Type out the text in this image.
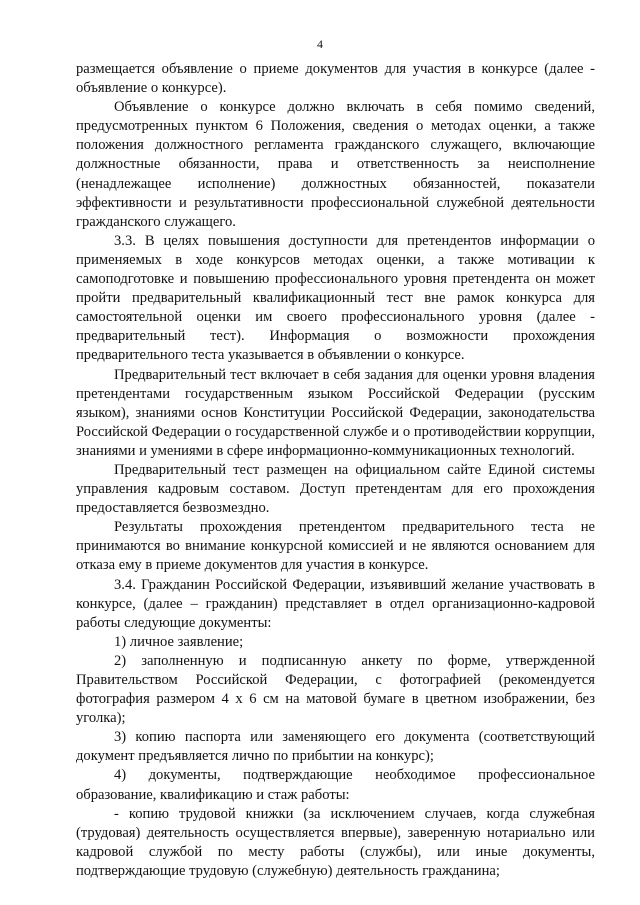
4

размещается объявление о приеме документов для участия в конкурсе (далее - объявление о конкурсе).

Объявление о конкурсе должно включать в себя помимо сведений, предусмотренных пунктом 6 Положения, сведения о методах оценки, а также положения должностного регламента гражданского служащего, включающие должностные обязанности, права и ответственность за неисполнение (ненадлежащее исполнение) должностных обязанностей, показатели эффективности и результативности профессиональной служебной деятельности гражданского служащего.

3.3. В целях повышения доступности для претендентов информации о применяемых в ходе конкурсов методах оценки, а также мотивации к самоподготовке и повышению профессионального уровня претендента он может пройти предварительный квалификационный тест вне рамок конкурса для самостоятельной оценки им своего профессионального уровня (далее - предварительный тест). Информация о возможности прохождения предварительного теста указывается в объявлении о конкурсе.

Предварительный тест включает в себя задания для оценки уровня владения претендентами государственным языком Российской Федерации (русским языком), знаниями основ Конституции Российской Федерации, законодательства Российской Федерации о государственной службе и о противодействии коррупции, знаниями и умениями в сфере информационно-коммуникационных технологий.

Предварительный тест размещен на официальном сайте Единой системы управления кадровым составом. Доступ претендентам для его прохождения предоставляется безвозмездно.

Результаты прохождения претендентом предварительного теста не принимаются во внимание конкурсной комиссией и не являются основанием для отказа ему в приеме документов для участия в конкурсе.

3.4. Гражданин Российской Федерации, изъявивший желание участвовать в конкурсе, (далее – гражданин) представляет в отдел организационно-кадровой работы следующие документы:

1) личное заявление;

2) заполненную и подписанную анкету по форме, утвержденной Правительством Российской Федерации, с фотографией (рекомендуется фотография размером 4 х 6 см на матовой бумаге в цветном изображении, без уголка);

3) копию паспорта или заменяющего его документа (соответствующий документ предъявляется лично по прибытии на конкурс);

4) документы, подтверждающие необходимое профессиональное образование, квалификацию и стаж работы:

- копию трудовой книжки (за исключением случаев, когда служебная (трудовая) деятельность осуществляется впервые), заверенную нотариально или кадровой службой по месту работы (службы), или иные документы, подтверждающие трудовую (служебную) деятельность гражданина;
